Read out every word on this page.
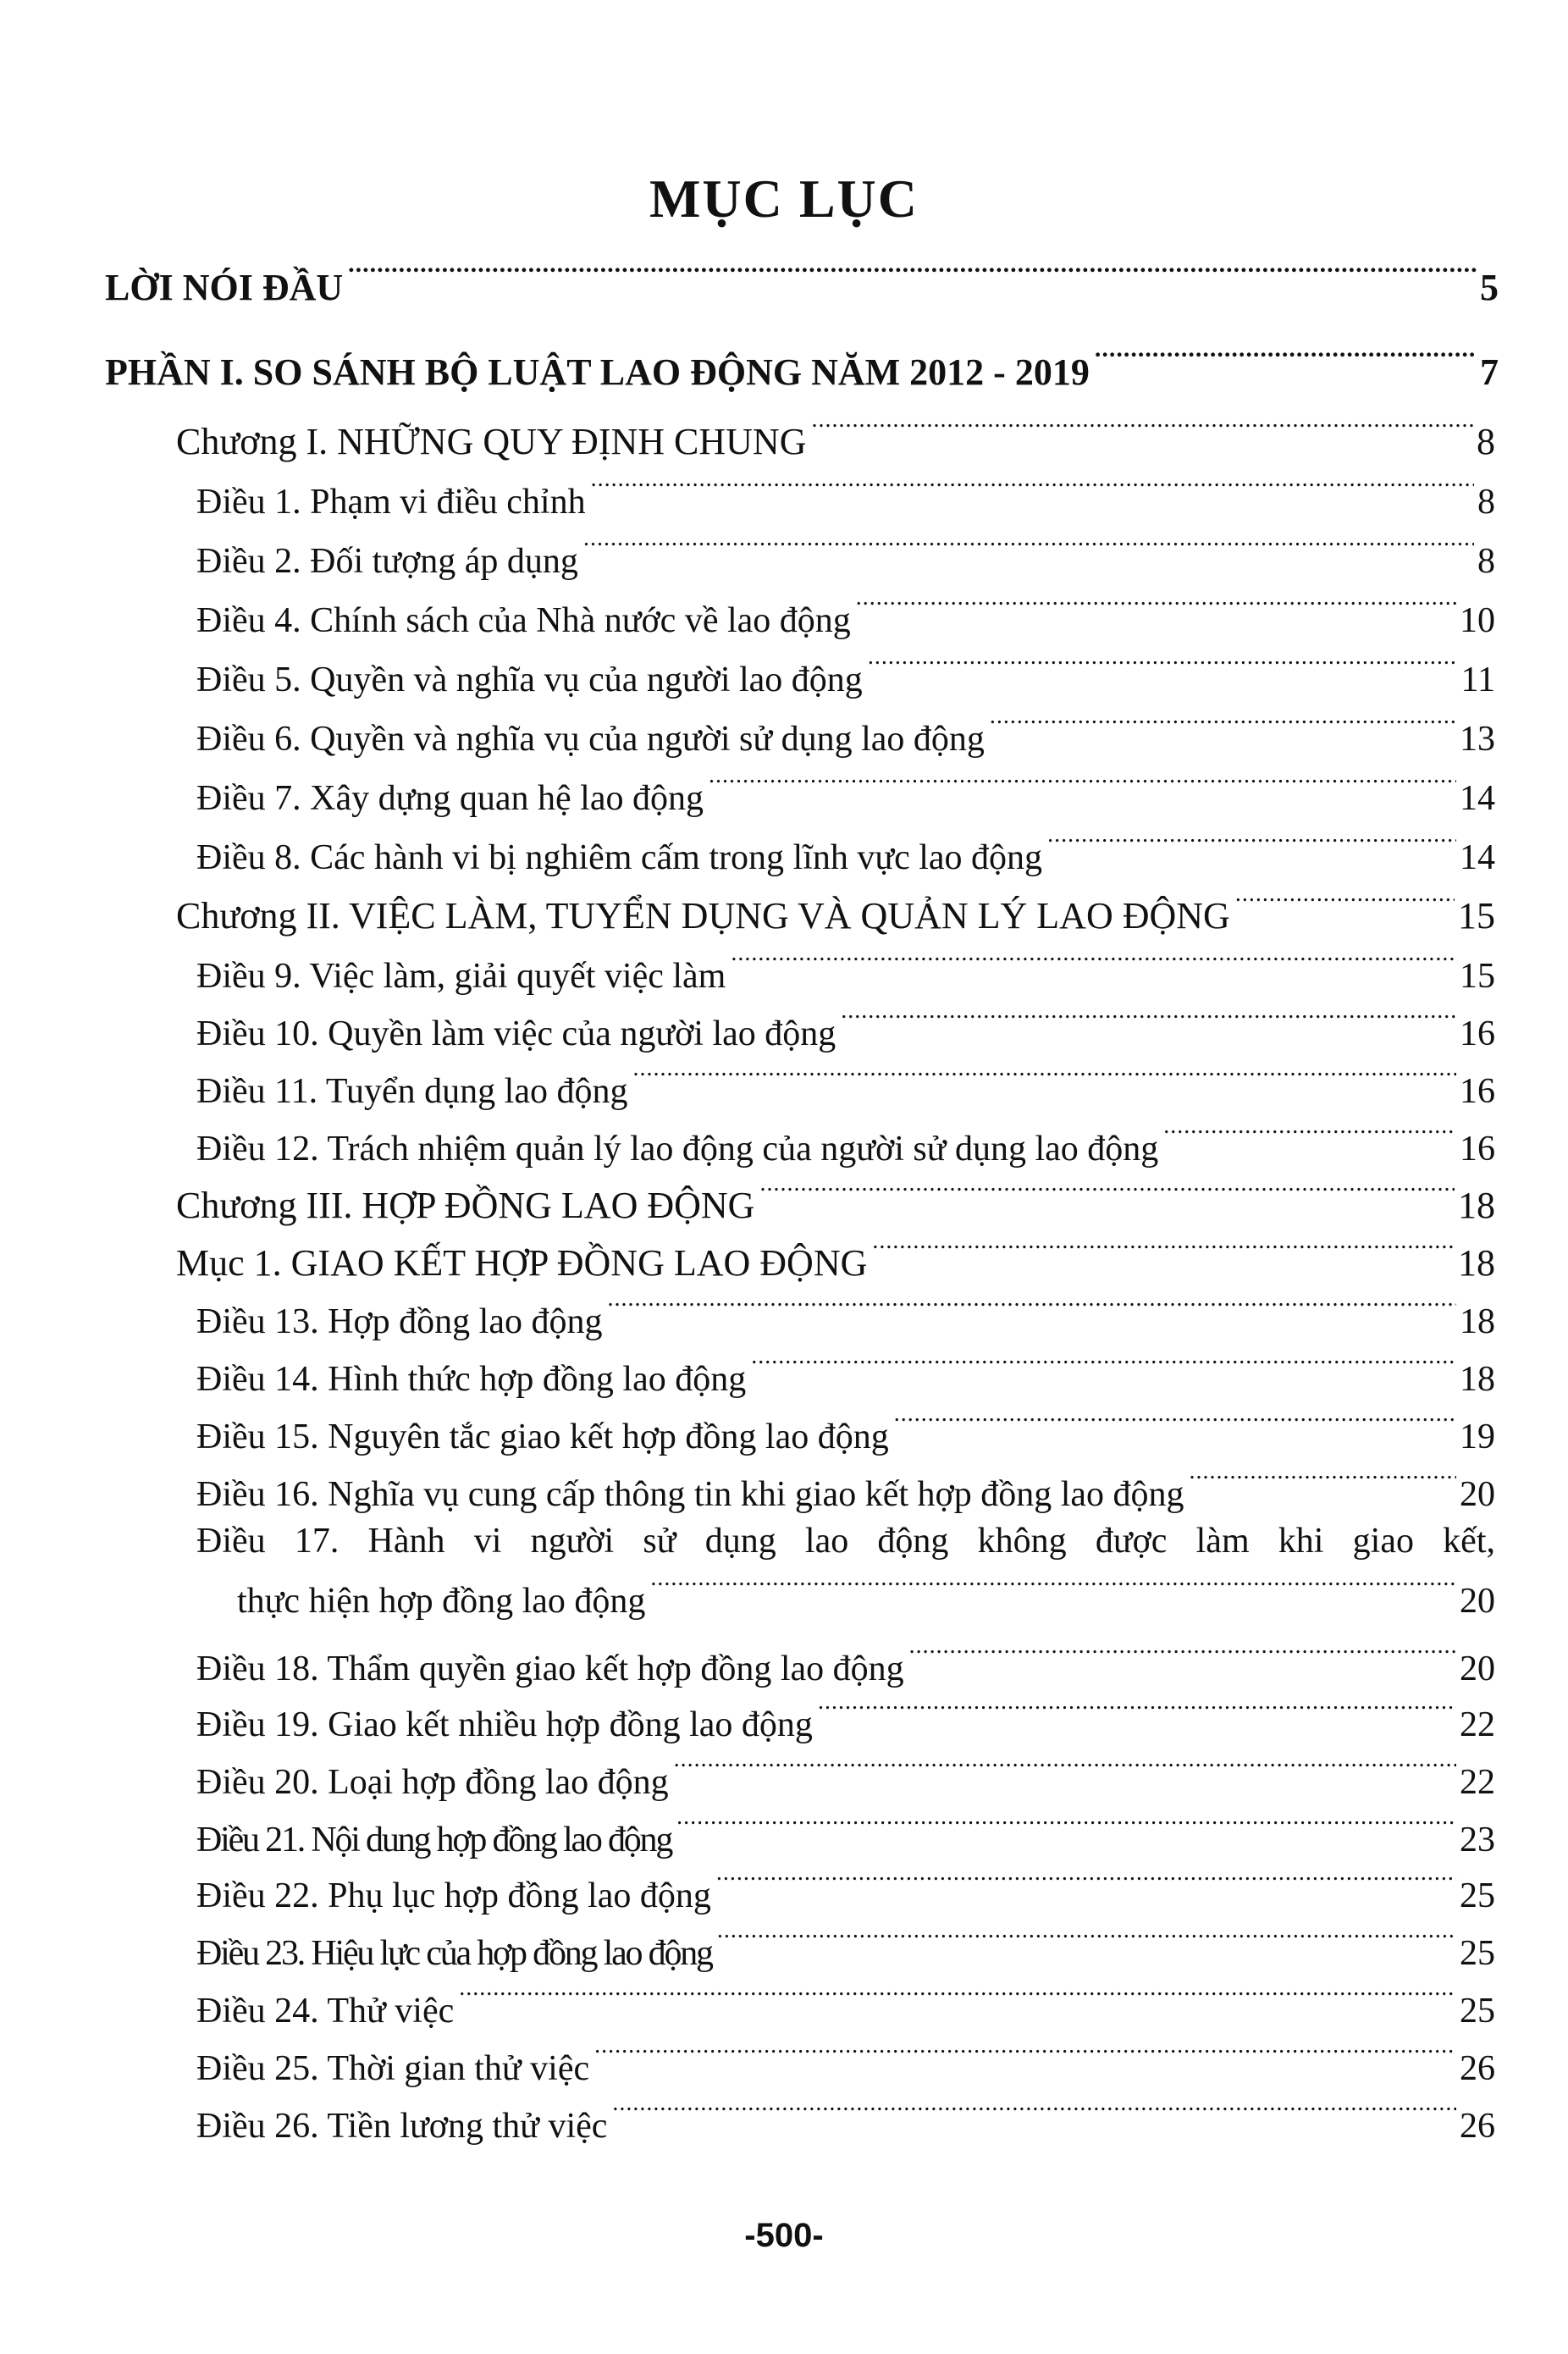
MỤC LỤC
LỜI NÓI ĐẦU .....	5
PHẦN I. SO SÁNH BỘ LUẬT LAO ĐỘNG NĂM 2012 - 2019 .....	7
Chương I. NHỮNG QUY ĐỊNH CHUNG .....	8
Điều 1. Phạm vi điều chỉnh .....	8
Điều 2. Đối tượng áp dụng .....	8
Điều 4. Chính sách của Nhà nước về lao động .....	10
Điều 5. Quyền và nghĩa vụ của người lao động .....	11
Điều 6. Quyền và nghĩa vụ của người sử dụng lao động .....	13
Điều 7. Xây dựng quan hệ lao động .....	14
Điều 8. Các hành vi bị nghiêm cấm trong lĩnh vực lao động .....	14
Chương II. VIỆC LÀM, TUYỂN DỤNG VÀ QUẢN LÝ LAO ĐỘNG .....	15
Điều 9. Việc làm, giải quyết việc làm .....	15
Điều 10. Quyền làm việc của người lao động .....	16
Điều 11. Tuyển dụng lao động .....	16
Điều 12. Trách nhiệm quản lý lao động của người sử dụng lao động .....	16
Chương III. HỢP ĐỒNG LAO ĐỘNG .....	18
Mục 1. GIAO KẾT HỢP ĐỒNG LAO ĐỘNG .....	18
Điều 13. Hợp đồng lao động .....	18
Điều 14. Hình thức hợp đồng lao động .....	18
Điều 15. Nguyên tắc giao kết hợp đồng lao động .....	19
Điều 16. Nghĩa vụ cung cấp thông tin khi giao kết hợp đồng lao động .....	20
Điều 17. Hành vi người sử dụng lao động không được làm khi giao kết,
thực hiện hợp đồng lao động .....	20
Điều 18. Thẩm quyền giao kết hợp đồng lao động .....	20
Điều 19. Giao kết nhiều hợp đồng lao động .....	22
Điều 20. Loại hợp đồng lao động .....	22
Điều 21. Nội dung hợp đồng lao động .....	23
Điều 22. Phụ lục hợp đồng lao động .....	25
Điều 23. Hiệu lực của hợp đồng lao động .....	25
Điều 24. Thử việc .....	25
Điều 25. Thời gian thử việc .....	26
Điều 26. Tiền lương thử việc .....	26
-500-
